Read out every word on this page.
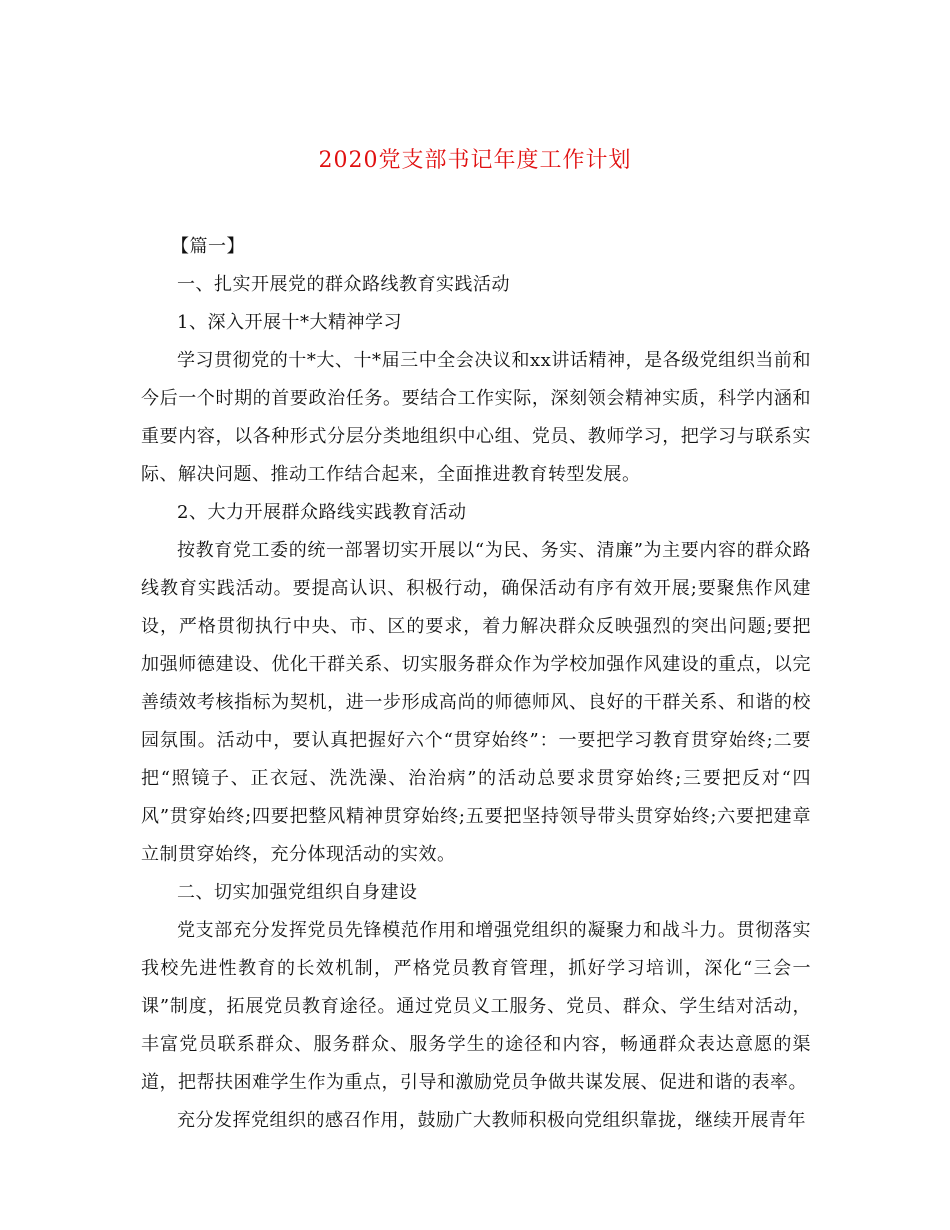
2020党支部书记年度工作计划

【篇一】

一、扎实开展党的群众路线教育实践活动

1、深入开展十*大精神学习

学习贯彻党的十*大、十*届三中全会决议和xx讲话精神，是各级党组织当前和今后一个时期的首要政治任务。要结合工作实际，深刻领会精神实质，科学内涵和重要内容，以各种形式分层分类地组织中心组、党员、教师学习，把学习与联系实际、解决问题、推动工作结合起来，全面推进教育转型发展。

2、大力开展群众路线实践教育活动

按教育党工委的统一部署切实开展以“为民、务实、清廉”为主要内容的群众路线教育实践活动。要提高认识、积极行动，确保活动有序有效开展;要聚焦作风建设，严格贯彻执行中央、市、区的要求，着力解决群众反映强烈的突出问题;要把加强师德建设、优化干群关系、切实服务群众作为学校加强作风建设的重点，以完善绩效考核指标为契机，进一步形成高尚的师德师风、良好的干群关系、和谐的校园氛围。活动中，要认真把握好六个“贯穿始终”：一要把学习教育贯穿始终;二要把“照镜子、正衣冠、洗洗澡、治治病”的活动总要求贯穿始终;三要把反对“四风”贯穿始终;四要把整风精神贯穿始终;五要把坚持领导带头贯穿始终;六要把建章立制贯穿始终，充分体现活动的实效。

二、切实加强党组织自身建设

党支部充分发挥党员先锋模范作用和增强党组织的凝聚力和战斗力。贯彻落实我校先进性教育的长效机制，严格党员教育管理，抓好学习培训，深化“三会一课”制度，拓展党员教育途径。通过党员义工服务、党员、群众、学生结对活动，丰富党员联系群众、服务群众、服务学生的途径和内容，畅通群众表达意愿的渠道，把帮扶困难学生作为重点，引导和激励党员争做共谋发展、促进和谐的表率。

充分发挥党组织的感召作用，鼓励广大教师积极向党组织靠拢，继续开展青年
